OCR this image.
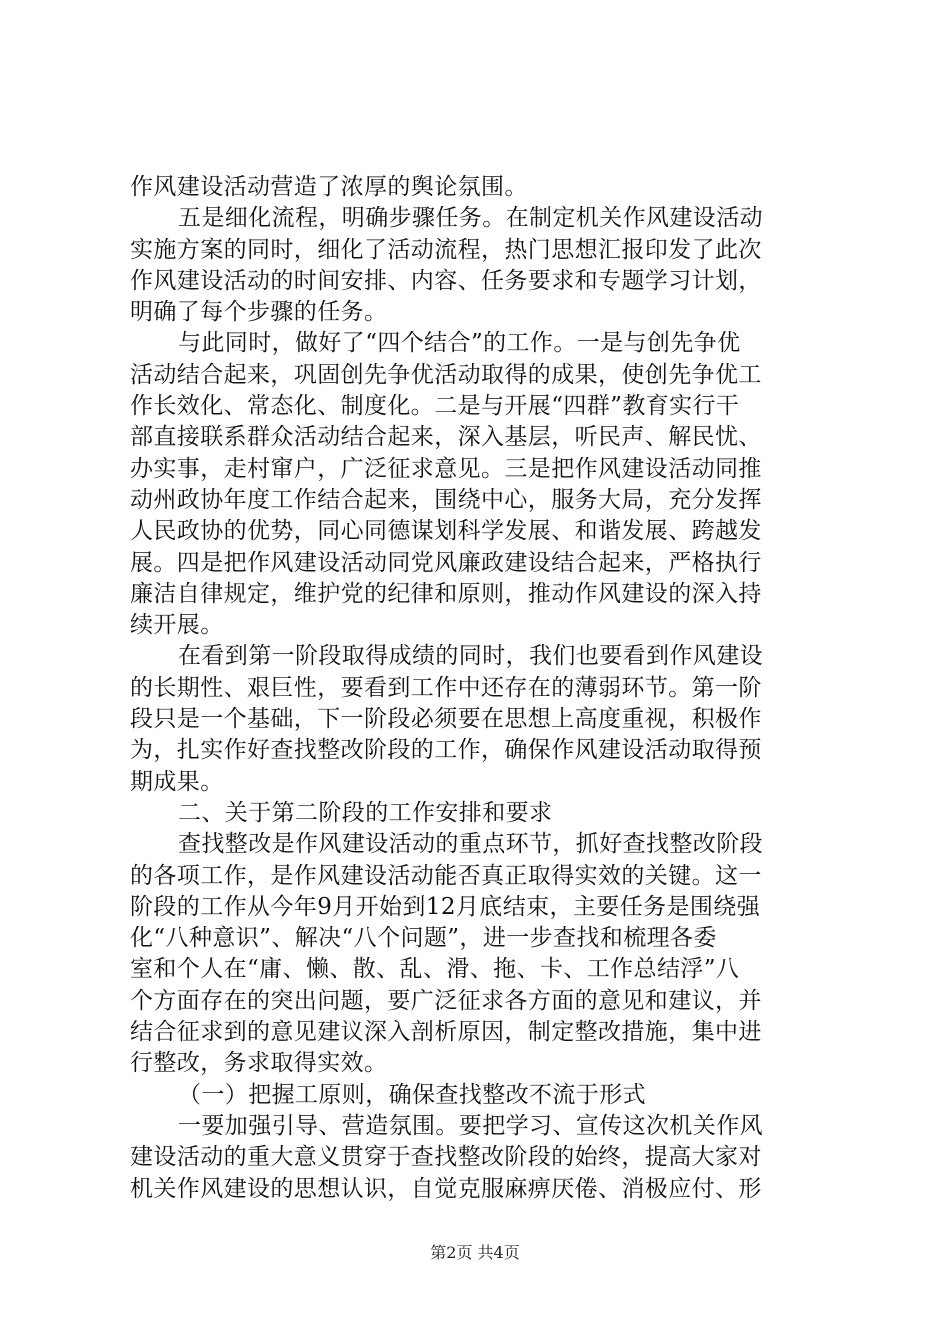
作风建设活动营造了浓厚的舆论氛围。
五是细化流程，明确步骤任务。在制定机关作风建设活动
实施方案的同时，细化了活动流程，热门思想汇报印发了此次
作风建设活动的时间安排、内容、任务要求和专题学习计划，
明确了每个步骤的任务。
与此同时，做好了“四个结合”的工作。一是与创先争优
活动结合起来，巩固创先争优活动取得的成果，使创先争优工
作长效化、常态化、制度化。二是与开展“四群”教育实行干
部直接联系群众活动结合起来，深入基层，听民声、解民忧、
办实事，走村窜户，广泛征求意见。三是把作风建设活动同推
动州政协年度工作结合起来，围绕中心，服务大局，充分发挥
人民政协的优势，同心同德谋划科学发展、和谐发展、跨越发
展。四是把作风建设活动同党风廉政建设结合起来，严格执行
廉洁自律规定，维护党的纪律和原则，推动作风建设的深入持
续开展。
在看到第一阶段取得成绩的同时，我们也要看到作风建设
的长期性、艰巨性，要看到工作中还存在的薄弱环节。第一阶
段只是一个基础，下一阶段必须要在思想上高度重视，积极作
为，扎实作好查找整改阶段的工作，确保作风建设活动取得预
期成果。
二、关于第二阶段的工作安排和要求
查找整改是作风建设活动的重点环节，抓好查找整改阶段
的各项工作，是作风建设活动能否真正取得实效的关键。这一
阶段的工作从今年9月开始到12月底结束，主要任务是围绕强
化“八种意识”、解决“八个问题”，进一步查找和梳理各委
室和个人在“庸、懒、散、乱、滑、拖、卡、工作总结浮”八
个方面存在的突出问题，要广泛征求各方面的意见和建议，并
结合征求到的意见建议深入剖析原因，制定整改措施，集中进
行整改，务求取得实效。
（一）把握工原则，确保查找整改不流于形式
一要加强引导、营造氛围。要把学习、宣传这次机关作风
建设活动的重大意义贯穿于查找整改阶段的始终，提高大家对
机关作风建设的思想认识，自觉克服麻痹厌倦、消极应付、形
第2页 共4页
